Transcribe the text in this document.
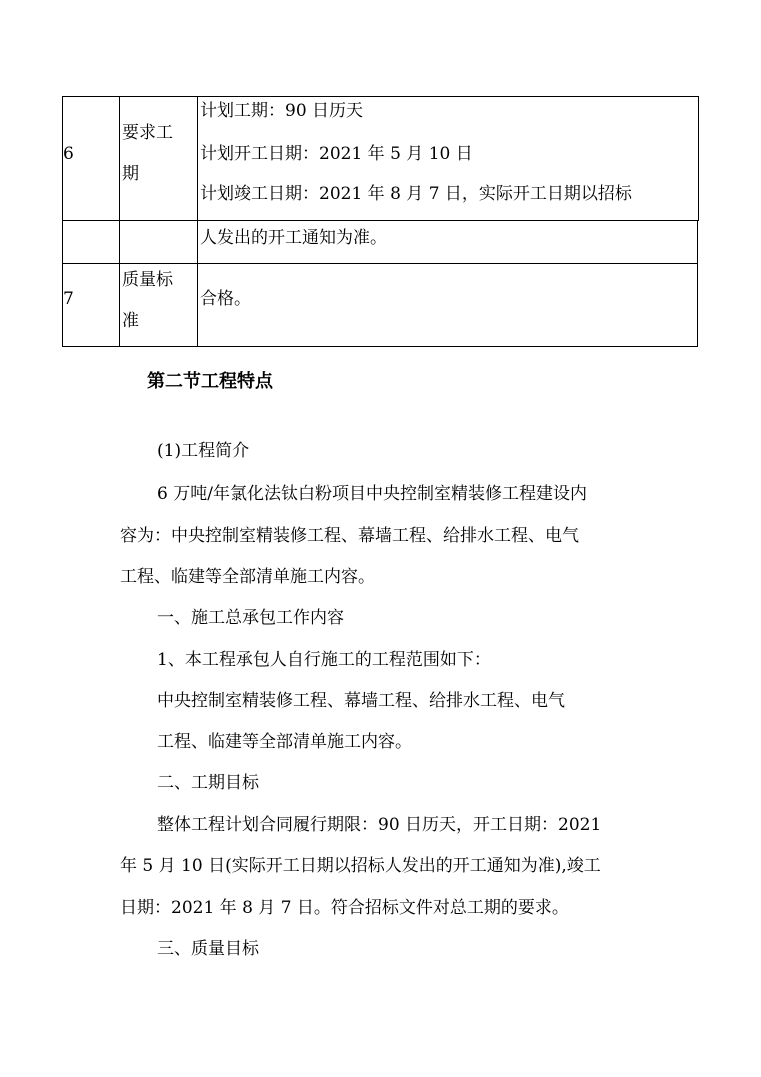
6
要求工
期
计划工期：90 日历天
计划开工日期：2021 年 5 月 10 日
计划竣工日期：2021 年 8 月 7 日，实际开工日期以招标
人发出的开工通知为准。
7
质量标
准
合格。
第二节工程特点
(1)工程简介
6 万吨/年氯化法钛白粉项目中央控制室精装修工程建设内
容为：中央控制室精装修工程、幕墙工程、给排水工程、电气
工程、临建等全部清单施工内容。
一、施工总承包工作内容
1、本工程承包人自行施工的工程范围如下：
中央控制室精装修工程、幕墙工程、给排水工程、电气
工程、临建等全部清单施工内容。
二、工期目标
整体工程计划合同履行期限：90 日历天，开工日期：2021
年 5 月 10 日(实际开工日期以招标人发出的开工通知为准),竣工
日期：2021 年 8 月 7 日。符合招标文件对总工期的要求。
三、质量目标
